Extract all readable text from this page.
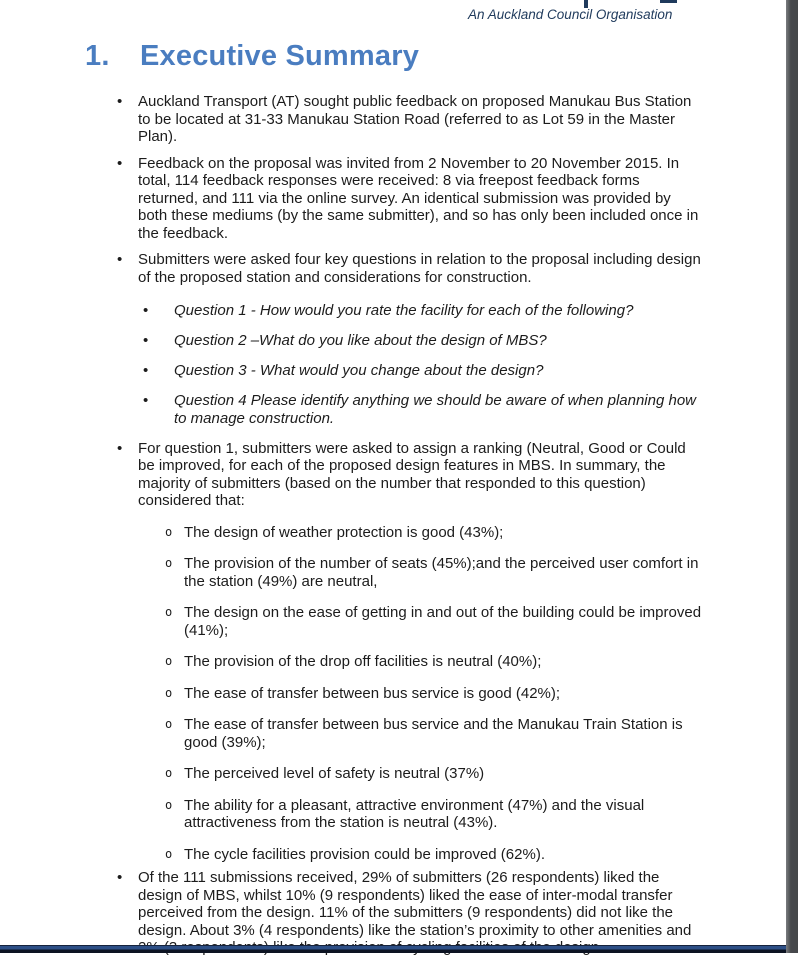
An Auckland Council Organisation
1.	Executive Summary
•	Auckland Transport (AT) sought public feedback on proposed Manukau Bus Station to be located at 31-33 Manukau Station Road (referred to as Lot 59 in the Master Plan).
•	Feedback on the proposal was invited from 2 November to 20 November 2015. In total, 114 feedback responses were received: 8 via freepost feedback forms returned, and 111 via the online survey. An identical submission was provided by both these mediums (by the same submitter), and so has only been included once in the feedback.
•	Submitters were asked four key questions in relation to the proposal including design of the proposed station and considerations for construction.
•	Question 1 - How would you rate the facility for each of the following?
•	Question 2 –What do you like about the design of MBS?
•	Question 3 - What would you change about the design?
•	Question 4 Please identify anything we should be aware of when planning how to manage construction.
•	For question 1, submitters were asked to assign a ranking (Neutral, Good or Could be improved, for each of the proposed design features in MBS. In summary, the majority of submitters (based on the number that responded to this question) considered that:
o The design of weather protection is good (43%);
o The provision of the number of seats (45%);and the perceived user comfort in the station (49%) are neutral,
o The design on the ease of getting in and out of the building could be improved (41%);
o The provision of the drop off facilities is neutral (40%);
o The ease of transfer between bus service is good (42%);
o The ease of transfer between bus service and the Manukau Train Station is good (39%);
o The perceived level of safety is neutral (37%)
o The ability for a pleasant, attractive environment (47%) and the visual attractiveness from the station is neutral (43%).
o The cycle facilities provision could be improved (62%).
•	Of the 111 submissions received, 29% of submitters (26 respondents) liked the design of MBS, whilst 10% (9 respondents) liked the ease of inter-modal transfer perceived from the design. 11% of the submitters (9 respondents) did not like the design. About 3% (4 respondents) like the station’s proximity to other amenities and
